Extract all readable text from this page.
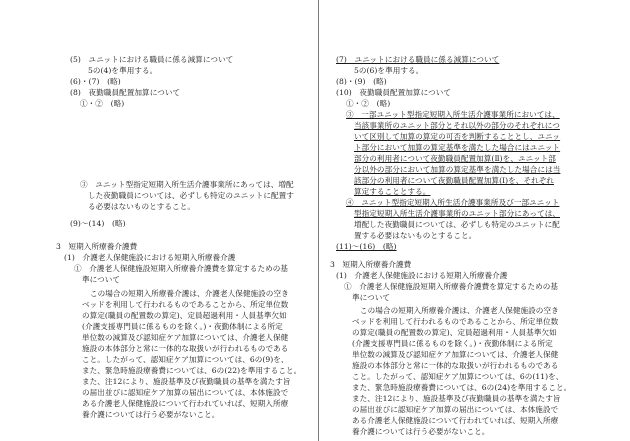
(5)　ユニットにおける職員に係る減算について
5の(4)を準用する。
(6)・(7)　(略)
(8)　夜勤職員配置加算について
①・②　(略)
③　ユニット型指定短期入所生活介護事業所にあっては、増配
した夜勤職員については、必ずしも特定のユニットに配置す
る必要はないものとすること。
(9)～(14)　(略)
3　短期入所療養介護費
(1)　介護老人保健施設における短期入所療養介護
①　介護老人保健施設短期入所療養介護費を算定するための基
準について
この場合の短期入所療養介護は、介護老人保健施設の空き
ベッドを利用して行われるものであることから、所定単位数
の算定(職員の配置数の算定)、定員超過利用・人員基準欠如
(介護支援専門員に係るものを除く。)・夜勤体制による所定
単位数の減算及び認知症ケア加算については、介護老人保健
施設の本体部分と常に一体的な取扱いが行われるものである
こと。したがって、認知症ケア加算については、6の(9)を、
また、緊急時施設療養費については、6の(22)を準用すること。
また、注12により、施設基準及び夜勤職員の基準を満たす旨
の届出並びに認知症ケア加算の届出については、本体施設で
ある介護老人保健施設について行われていれば、短期入所療
養介護については行う必要がないこと。
(7)　ユニットにおける職員に係る減算について
5の(6)を準用する。
(8)・(9)　(略)
(10)　夜勤職員配置加算について
①・②　(略)
③　一部ユニット型指定短期入所生活介護事業所においては、
当該事業所のユニット部分とそれ以外の部分のそれぞれにつ
いて区別して加算の算定の可否を判断することとし、ユニッ
ト部分において加算の算定基準を満たした場合にはユニット
部分の利用者について夜勤職員配置加算(Ⅱ)を、ユニット部
分以外の部分において加算の算定基準を満たした場合には当
該部分の利用者について夜勤職員配置加算(Ⅰ)を、それぞれ
算定することとする。
④　ユニット型指定短期入所生活介護事業所及び一部ユニット
型指定短期入所生活介護事業所のユニット部分にあっては、
増配した夜勤職員については、必ずしも特定のユニットに配
置する必要はないものとすること。
(11)～(16)　(略)
3　短期入所療養介護費
(1)　介護老人保健施設における短期入所療養介護
①　介護老人保健施設短期入所療養介護費を算定するための基
準について
この場合の短期入所療養介護は、介護老人保健施設の空き
ベッドを利用して行われるものであることから、所定単位数
の算定(職員の配置数の算定)、定員超過利用・人員基準欠如
(介護支援専門員に係るものを除く。)・夜勤体制による所定
単位数の減算及び認知症ケア加算については、介護老人保健
施設の本体部分と常に一体的な取扱いが行われるものである
こと。したがって、認知症ケア加算については、6の(11)を、
また、緊急時施設療養費については、6の(24)を準用すること。
また、注12により、施設基準及び夜勤職員の基準を満たす旨
の届出並びに認知症ケア加算の届出については、本体施設で
ある介護老人保健施設について行われていれば、短期入所療
養介護については行う必要がないこと。
